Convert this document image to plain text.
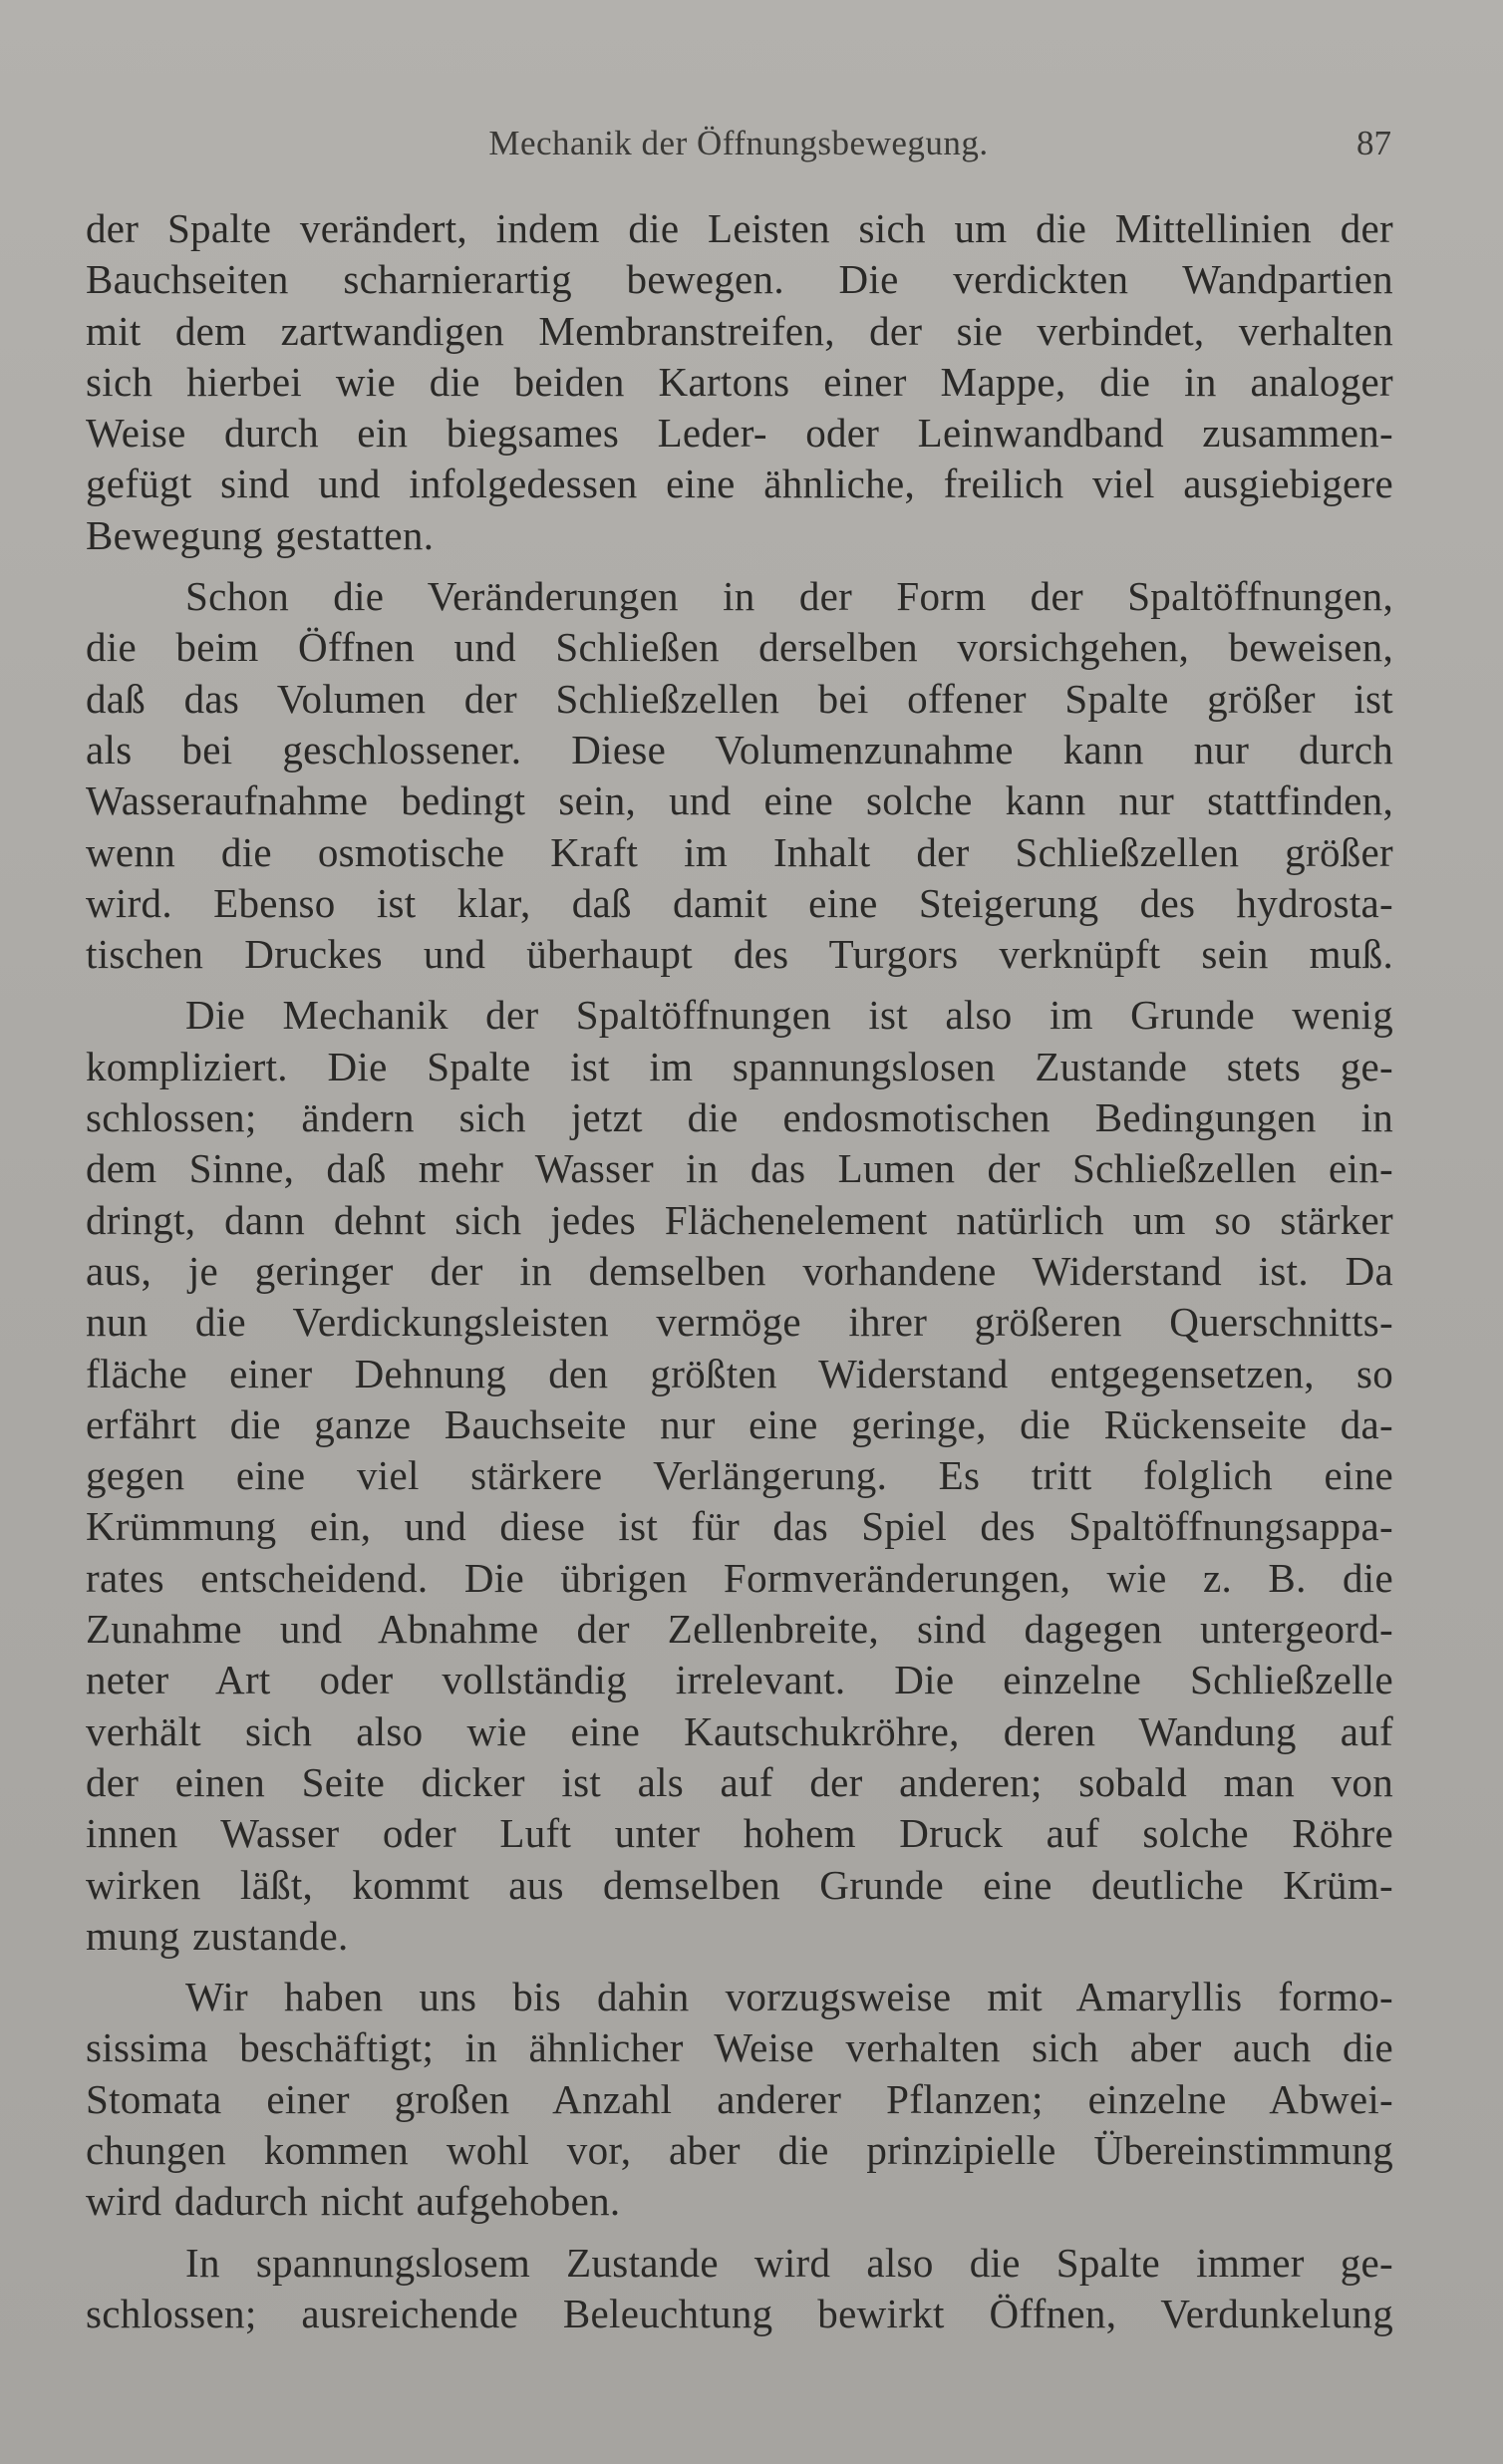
Mechanik der Öffnungsbewegung.	87

der Spalte verändert, indem die Leisten sich um die Mittellinien der
Bauchseiten scharnierartig bewegen. Die verdickten Wandpartien
mit dem zartwandigen Membranstreifen, der sie verbindet, verhalten
sich hierbei wie die beiden Kartons einer Mappe, die in analoger
Weise durch ein biegsames Leder- oder Leinwandband zusammen-
gefügt sind und infolgedessen eine ähnliche, freilich viel ausgiebigere
Bewegung gestatten.

Schon die Veränderungen in der Form der Spaltöffnungen,
die beim Öffnen und Schließen derselben vorsichgehen, beweisen,
daß das Volumen der Schließzellen bei offener Spalte größer ist
als bei geschlossener. Diese Volumenzunahme kann nur durch
Wasseraufnahme bedingt sein, und eine solche kann nur stattfinden,
wenn die osmotische Kraft im Inhalt der Schließzellen größer
wird. Ebenso ist klar, daß damit eine Steigerung des hydrosta-
tischen Druckes und überhaupt des Turgors verknüpft sein muß.

Die Mechanik der Spaltöffnungen ist also im Grunde wenig
kompliziert. Die Spalte ist im spannungslosen Zustande stets ge-
schlossen; ändern sich jetzt die endosmotischen Bedingungen in
dem Sinne, daß mehr Wasser in das Lumen der Schließzellen ein-
dringt, dann dehnt sich jedes Flächenelement natürlich um so stärker
aus, je geringer der in demselben vorhandene Widerstand ist. Da
nun die Verdickungsleisten vermöge ihrer größeren Querschnitts-
fläche einer Dehnung den größten Widerstand entgegensetzen, so
erfährt die ganze Bauchseite nur eine geringe, die Rückenseite da-
gegen eine viel stärkere Verlängerung. Es tritt folglich eine
Krümmung ein, und diese ist für das Spiel des Spaltöffnungsappa-
rates entscheidend. Die übrigen Formveränderungen, wie z. B. die
Zunahme und Abnahme der Zellenbreite, sind dagegen untergeord-
neter Art oder vollständig irrelevant. Die einzelne Schließzelle
verhält sich also wie eine Kautschukröhre, deren Wandung auf
der einen Seite dicker ist als auf der anderen; sobald man von
innen Wasser oder Luft unter hohem Druck auf solche Röhre
wirken läßt, kommt aus demselben Grunde eine deutliche Krüm-
mung zustande.

Wir haben uns bis dahin vorzugsweise mit Amaryllis formo-
sissima beschäftigt; in ähnlicher Weise verhalten sich aber auch die
Stomata einer großen Anzahl anderer Pflanzen; einzelne Abwei-
chungen kommen wohl vor, aber die prinzipielle Übereinstimmung
wird dadurch nicht aufgehoben.

In spannungslosem Zustande wird also die Spalte immer ge-
schlossen; ausreichende Beleuchtung bewirkt Öffnen, Verdunkelung
